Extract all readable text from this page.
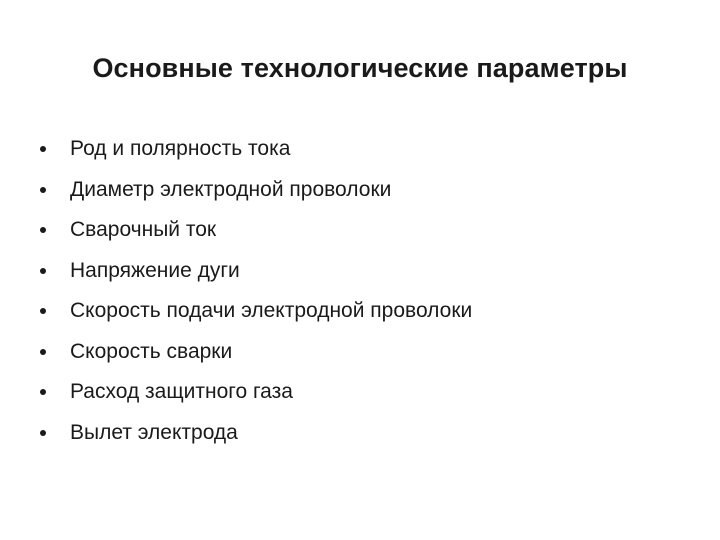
Основные технологические параметры
Род и полярность тока
Диаметр электродной проволоки
Сварочный ток
Напряжение дуги
Скорость подачи электродной проволоки
Скорость сварки
Расход защитного газа
Вылет электрода
